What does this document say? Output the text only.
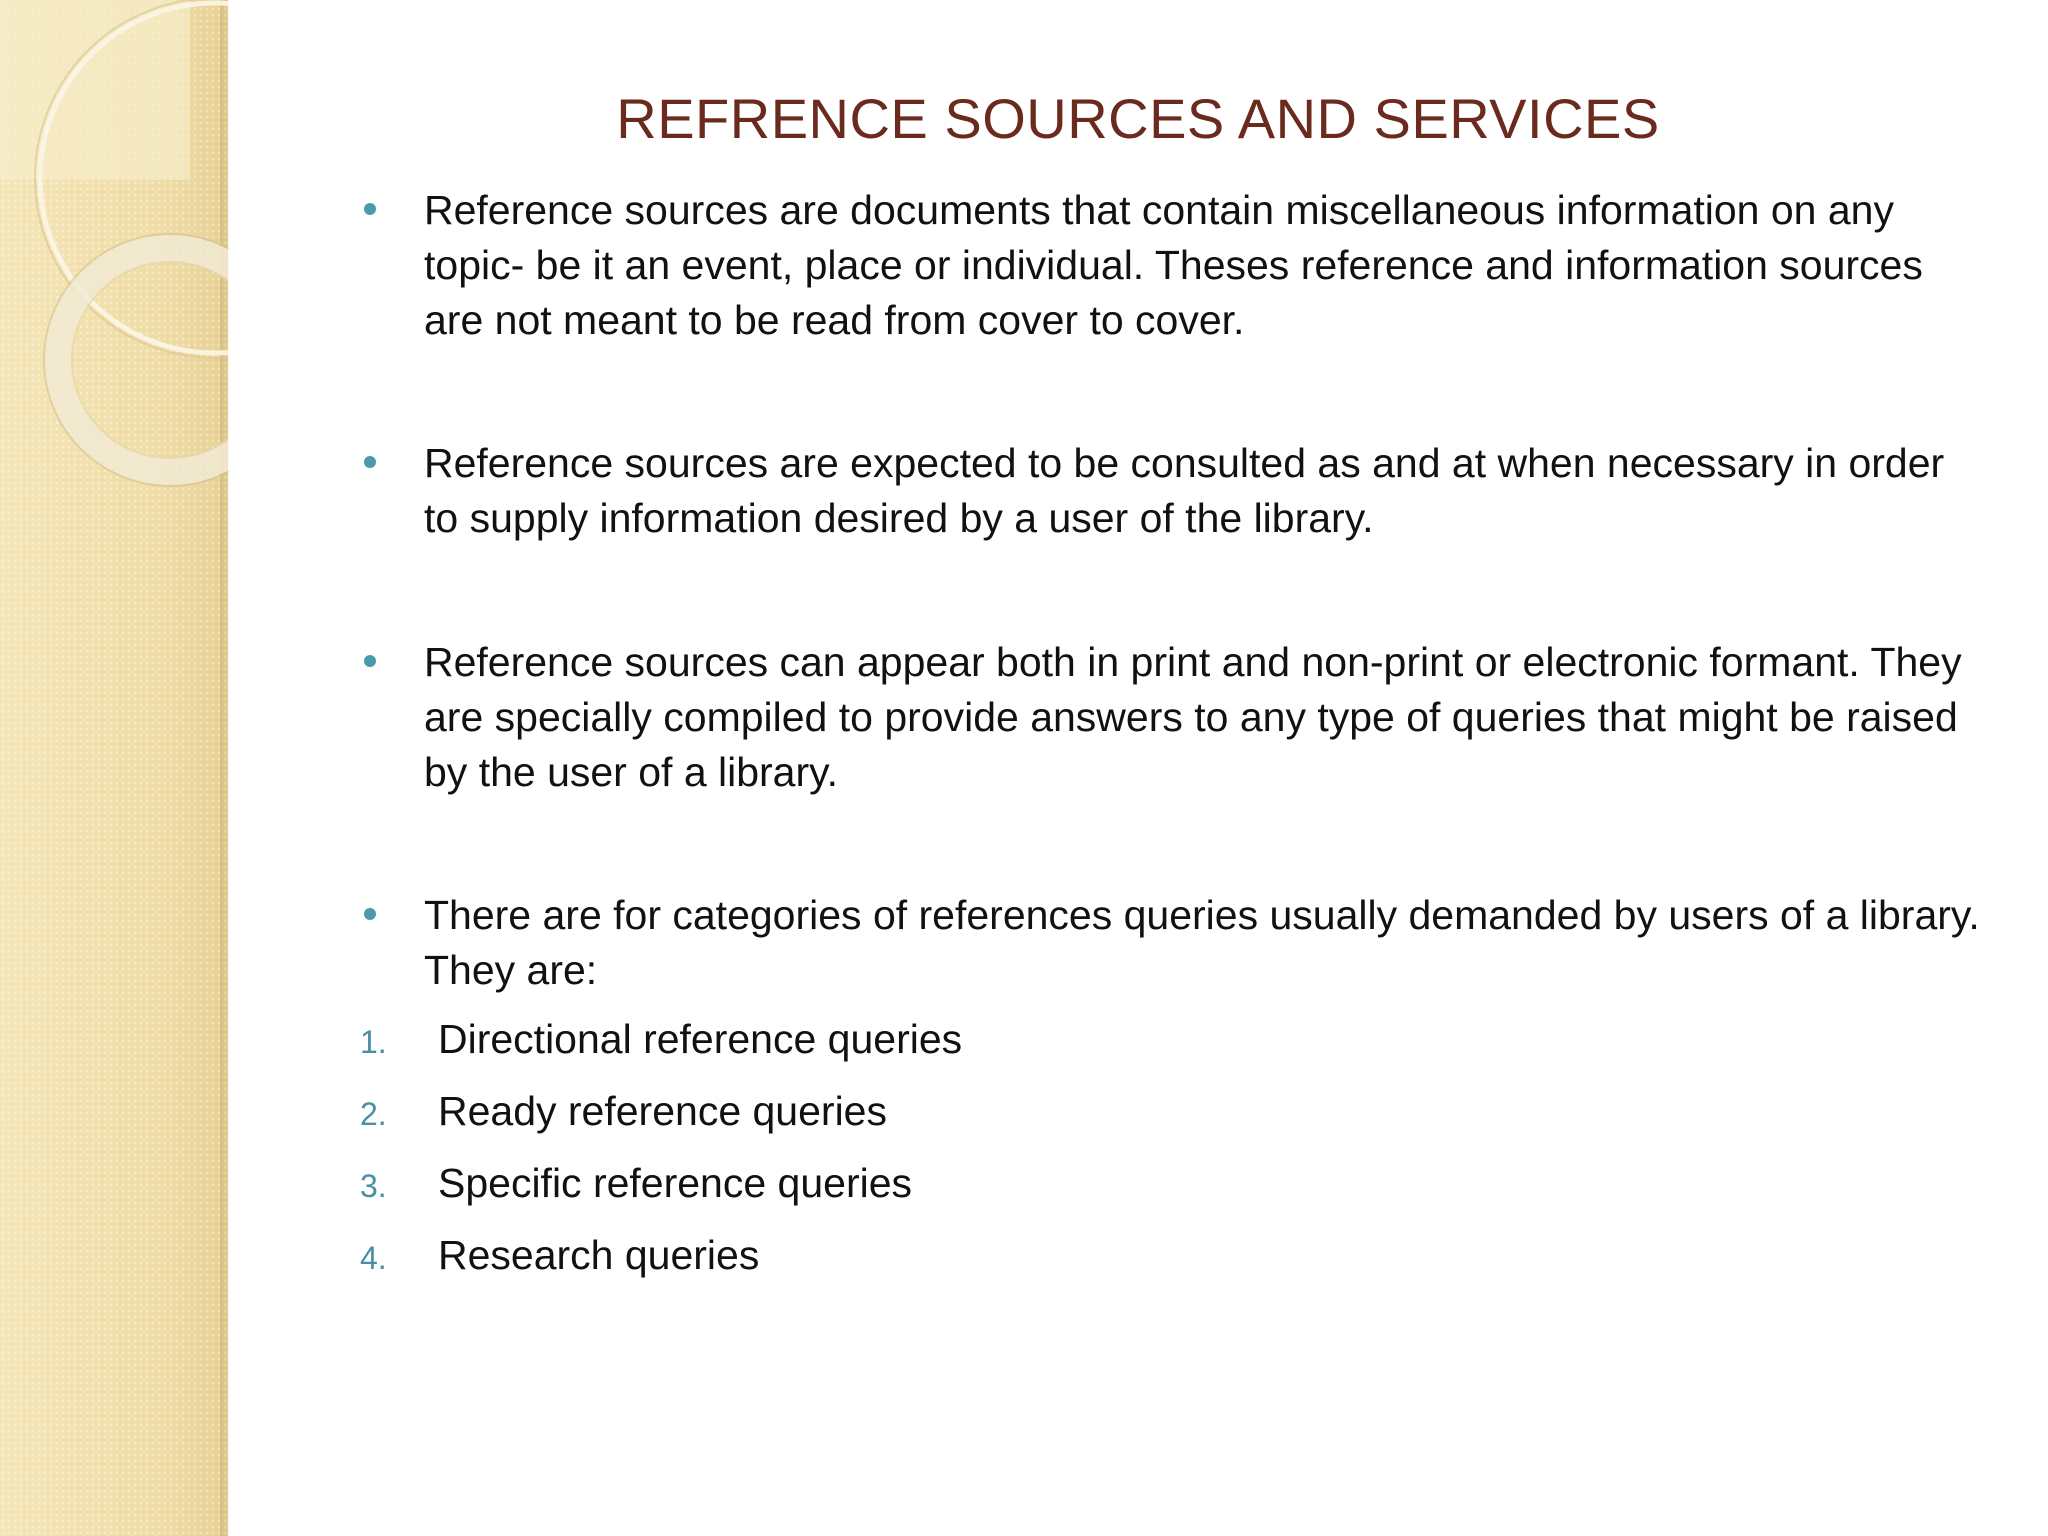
REFRENCE SOURCES AND SERVICES
Reference sources are documents that contain miscellaneous information on any topic- be it an event, place or individual. Theses reference and information sources are not meant to be read from cover to cover.
Reference sources are expected to be consulted as and at when necessary in order to supply information desired by a user of the library.
Reference sources can appear both in print and non-print or electronic formant. They are specially compiled to provide answers to any type of queries that might be raised by the user of a library.
There are for categories of references queries usually demanded by users of a library. They are:
1. Directional reference queries
2. Ready reference queries
3. Specific reference queries
4. Research queries
